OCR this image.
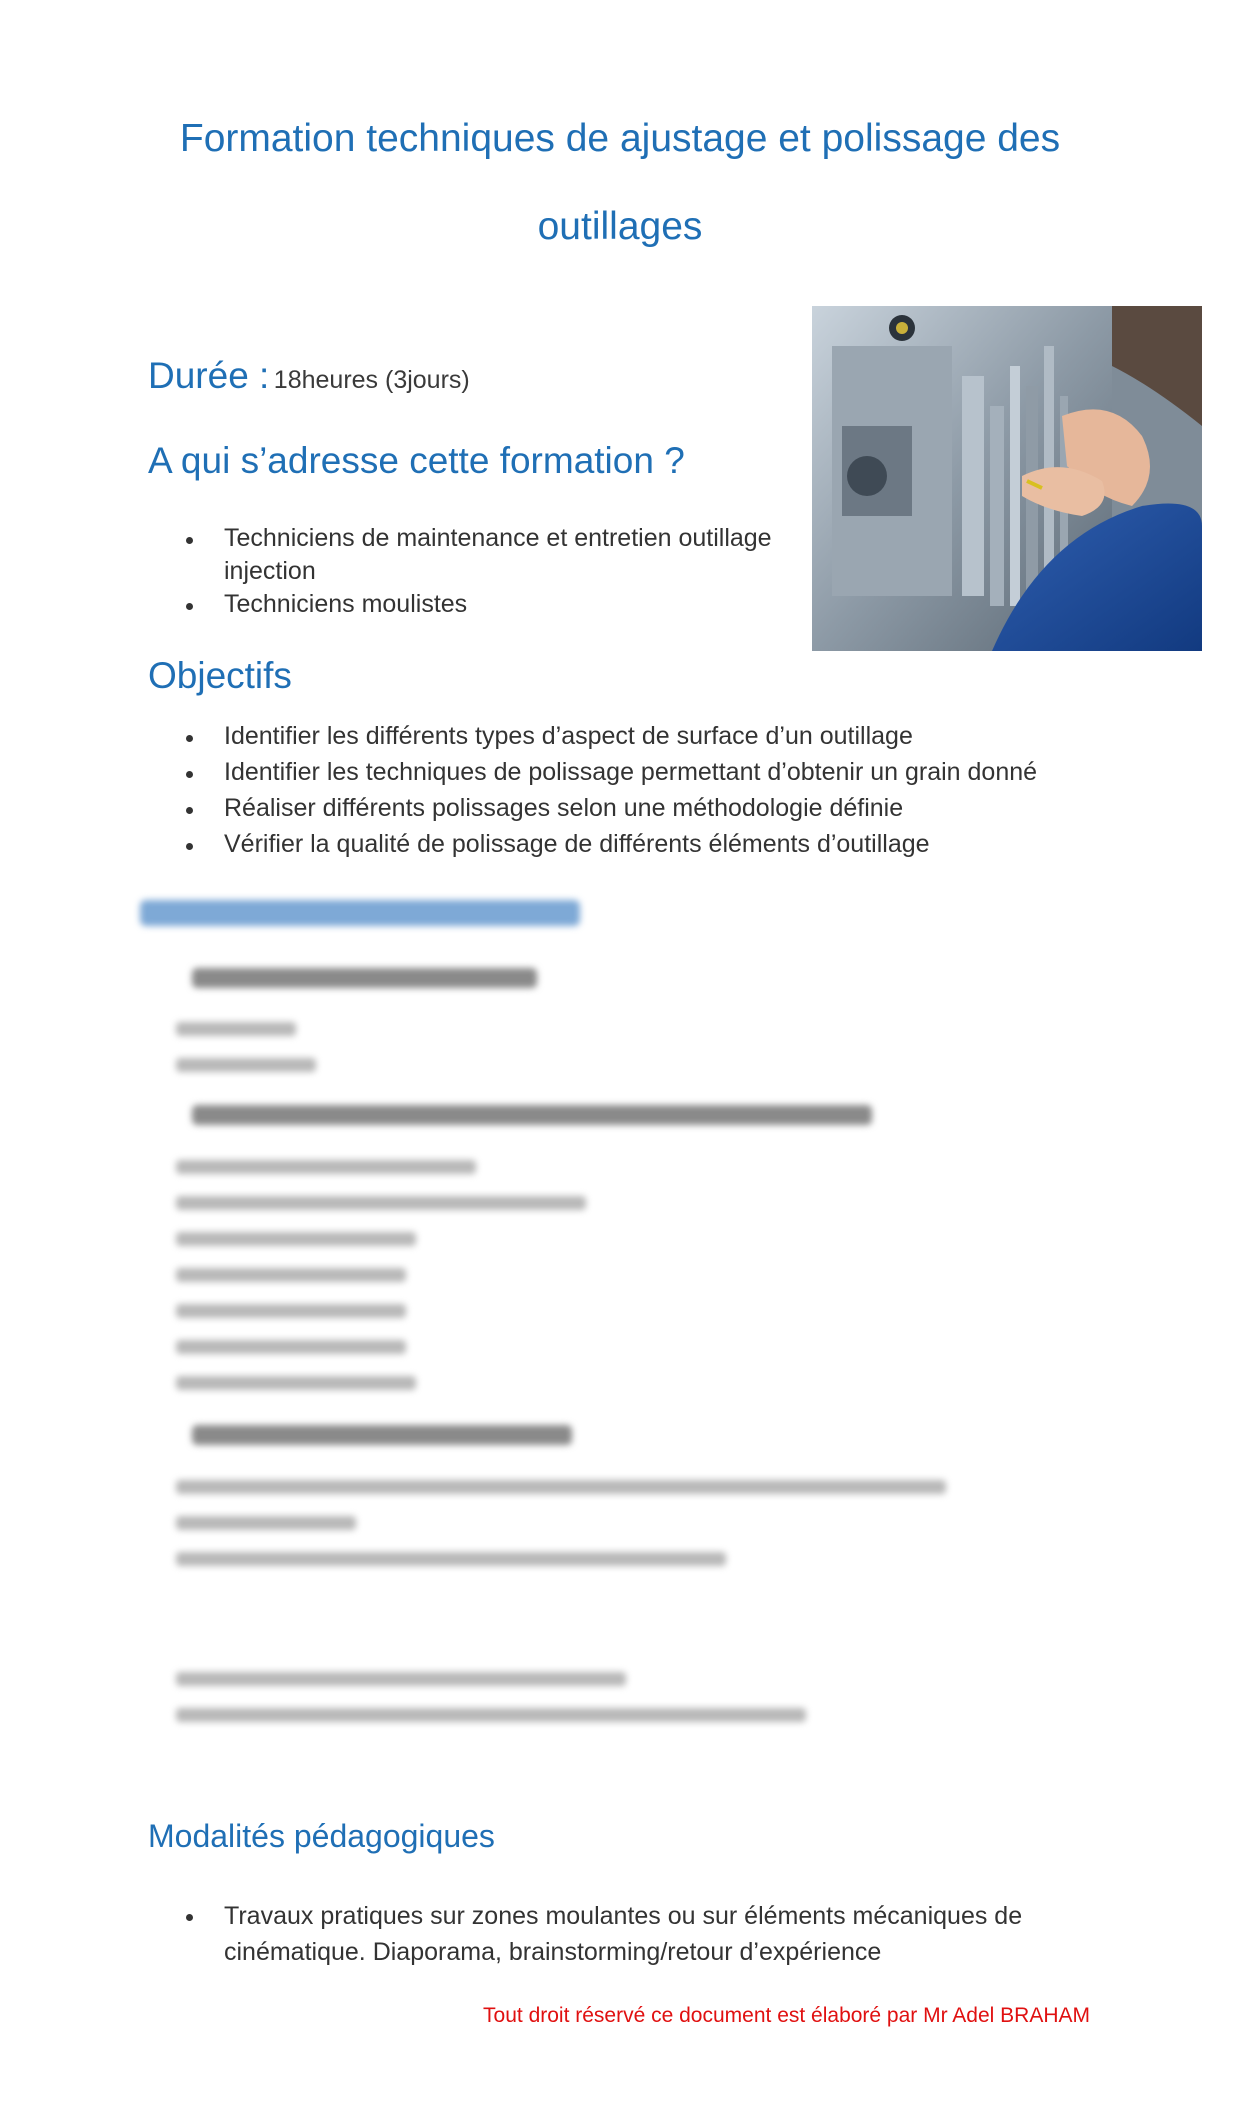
Formation techniques de ajustage et polissage des outillages

Durée : 18heures (3jours)

A qui s’adresse cette formation ?
Techniciens de maintenance et entretien outillage injection
Techniciens moulistes
Objectifs
Identifier les différents types d’aspect de surface d’un outillage
Identifier les techniques de polissage permettant d’obtenir un grain donné
Réaliser différents polissages selon une méthodologie définie
Vérifier la qualité de polissage de différents éléments d’outillage
Modalités pédagogiques
Travaux pratiques sur zones moulantes ou sur éléments mécaniques de cinématique. Diaporama, brainstorming/retour d’expérience

Tout droit réservé ce document est élaboré par Mr Adel BRAHAM
